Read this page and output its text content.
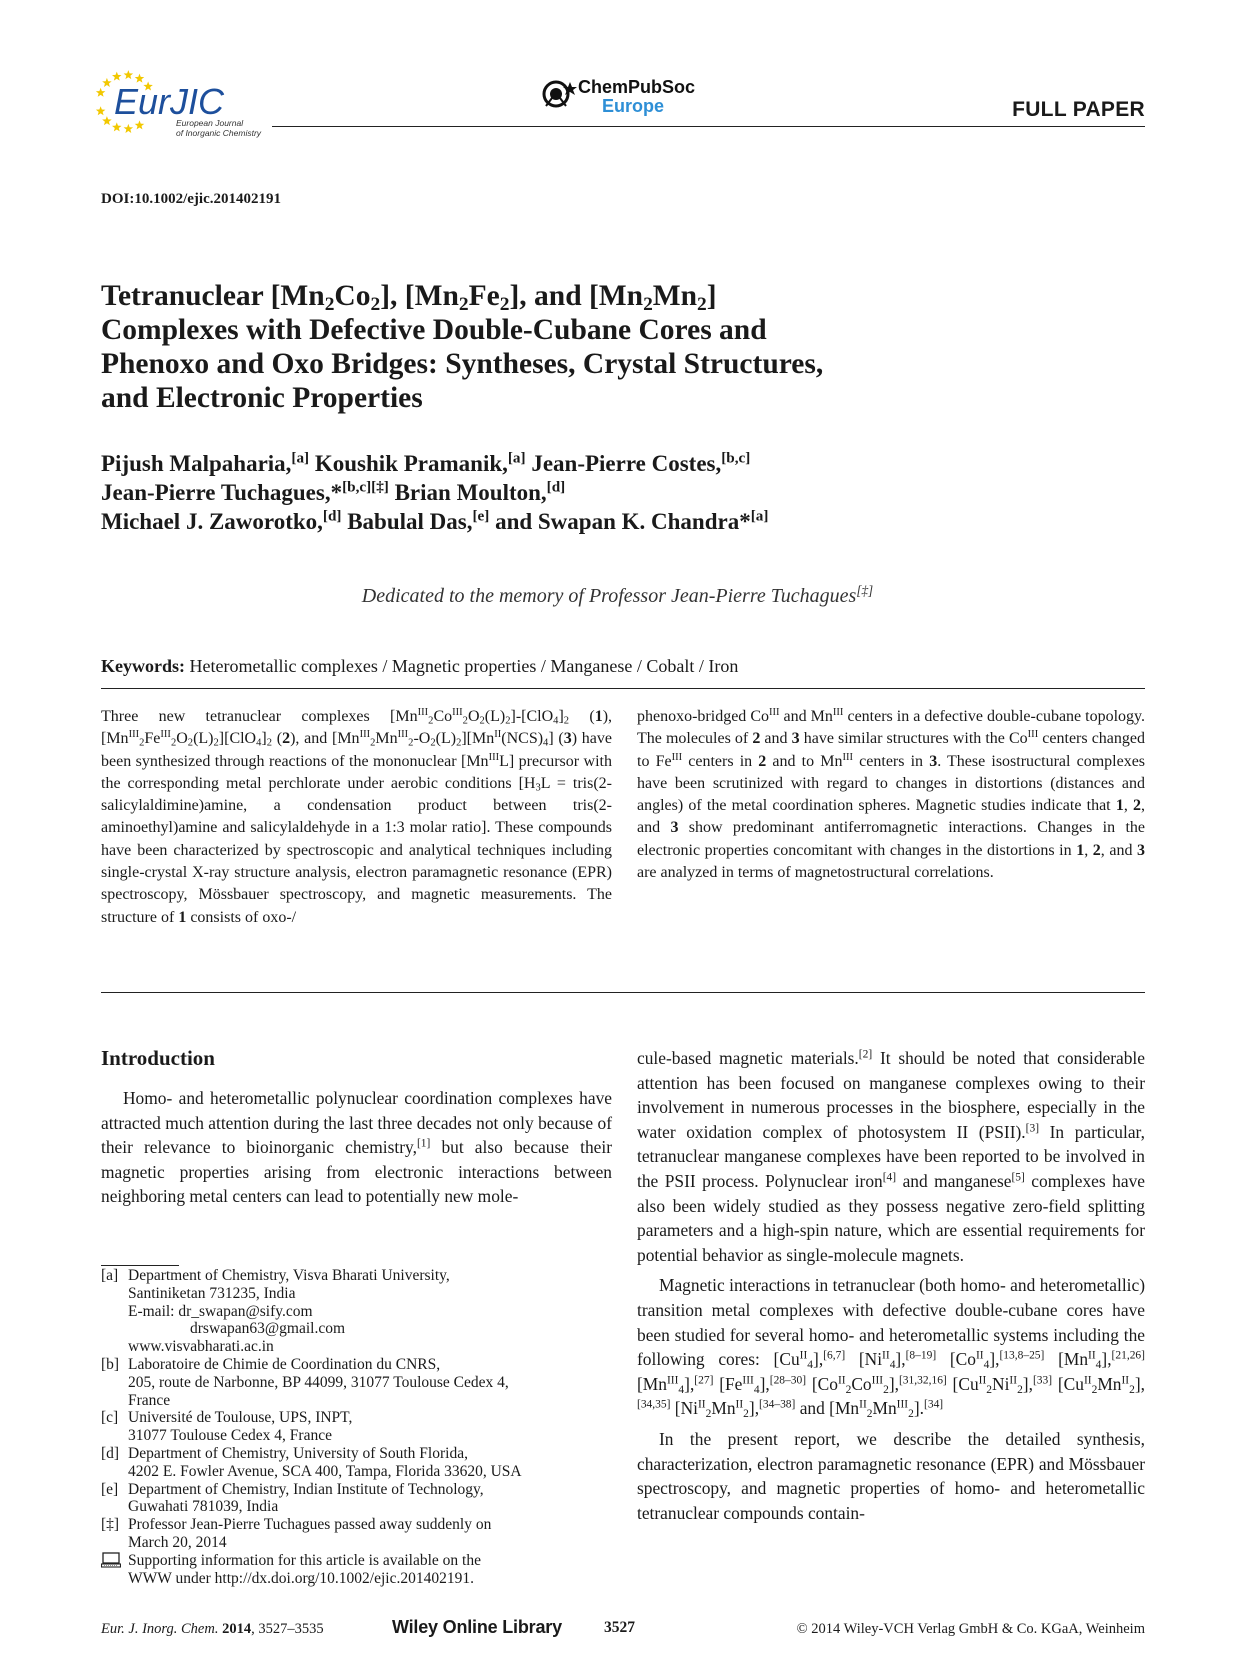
EurJIC
European Journal
of Inorganic Chemistry
ChemPubSoc
Europe	FULL PAPER
DOI:10.1002/ejic.201402191
Tetranuclear $[Mn_2Co_2]$, $[Mn_2Fe_2]$, and $[Mn_2Mn_2]$
Complexes with Defective Double-Cubane Cores and
Phenoxo and Oxo Bridges: Syntheses, Crystal Structures,
and Electronic Properties
Pijush Malpaharia,[a] Koushik Pramanik,[a] Jean-Pierre Costes,[b,c]
Jean-Pierre Tuchagues,*[b,c][‡] Brian Moulton,[d]
Michael J. Zaworotko,[d] Babulal Das,[e] and Swapan K. Chandra*[a]
Dedicated to the memory of Professor Jean-Pierre Tuchagues[‡]
Keywords: Heterometallic complexes / Magnetic properties / Manganese / Cobalt / Iron
Three new tetranuclear complexes $[Mn^{III}_2Co^{III}_2O_2(L)_2]-[ClO_4]_2$ (1), $[Mn^{III}_2Fe^{III}_2O_2(L)_2][ClO_4]_2$ (2), and $[Mn^{III}_2Mn^{III}_2-O_2(L)_2][Mn^{II}(NCS)_4]$ (3) have been synthesized through reactions of the mononuclear $[Mn^{III}L]$ precursor with the corresponding metal perchlorate under aerobic conditions [$H_3L$ = tris(2-salicylaldimine)amine, a condensation product between tris(2-aminoethyl)amine and salicylaldehyde in a 1:3 molar ratio]. These compounds have been characterized by spectroscopic and analytical techniques including single-crystal X-ray structure analysis, electron paramagnetic resonance (EPR) spectroscopy, Mössbauer spectroscopy, and magnetic measurements. The structure of 1 consists of oxo-/
phenoxo-bridged $Co^{III}$ and $Mn^{III}$ centers in a defective double-cubane topology. The molecules of 2 and 3 have similar structures with the $Co^{III}$ centers changed to $Fe^{III}$ centers in 2 and to $Mn^{III}$ centers in 3. These isostructural complexes have been scrutinized with regard to changes in distortions (distances and angles) of the metal coordination spheres. Magnetic studies indicate that 1, 2, and 3 show predominant antiferromagnetic interactions. Changes in the electronic properties concomitant with changes in the distortions in 1, 2, and 3 are analyzed in terms of magnetostructural correlations.
Introduction

Homo- and heterometallic polynuclear coordination complexes have attracted much attention during the last three decades not only because of their relevance to bioinorganic chemistry,[1] but also because their magnetic properties arising from electronic interactions between neighboring metal centers can lead to potentially new mole-

cule-based magnetic materials.[2] It should be noted that considerable attention has been focused on manganese complexes owing to their involvement in numerous processes in the biosphere, especially in the water oxidation complex of photosystem II (PSII).[3] In particular, tetranuclear manganese complexes have been reported to be involved in the PSII process. Polynuclear iron[4] and manganese[5] complexes have also been widely studied as they possess negative zero-field splitting parameters and a high-spin nature, which are essential requirements for potential behavior as single-molecule magnets.

Magnetic interactions in tetranuclear (both homo- and heterometallic) transition metal complexes with defective double-cubane cores have been studied for several homo- and heterometallic systems including the following cores: $[Cu^{II}_4],[6,7]$ $[Ni^{II}_4],[8-19]$ $[Co^{II}_4],[13,8-25]$ $[Mn^{II}_4],[21,26]$ $[Mn^{III}_4],[27]$ $[Fe^{III}_4],[28-30]$ $[Co^{II}_2Co^{III}_2],[31,32,16]$ $[Cu^{II}_2Ni^{II}_2],[33]$ $[Cu^{II}_2Mn^{II}_2],[34,35]$ $[Ni^{II}_2Mn^{II}_2],[34-38]$ and $[Mn^{II}_2Mn^{III}_2].[34]$

In the present report, we describe the detailed synthesis, characterization, electron paramagnetic resonance (EPR) and Mössbauer spectroscopy, and magnetic properties of homo- and heterometallic tetranuclear compounds contain-

[a] Department of Chemistry, Visva Bharati University,
Santiniketan 731235, India
E-mail: dr_swapan@sify.com
drswapan63@gmail.com
www.visvabharati.ac.in
[b] Laboratoire de Chimie de Coordination du CNRS,
205, route de Narbonne, BP 44099, 31077 Toulouse Cedex 4,
France
[c] Université de Toulouse, UPS, INPT,
31077 Toulouse Cedex 4, France
[d] Department of Chemistry, University of South Florida,
4202 E. Fowler Avenue, SCA 400, Tampa, Florida 33620, USA
[e] Department of Chemistry, Indian Institute of Technology,
Guwahati 781039, India
[‡] Professor Jean-Pierre Tuchagues passed away suddenly on
March 20, 2014
Supporting information for this article is available on the
WWW under http://dx.doi.org/10.1002/ejic.201402191.
Eur. J. Inorg. Chem. 2014, 3527–3535	Wiley Online Library	3527	© 2014 Wiley-VCH Verlag GmbH & Co. KGaA, Weinheim
